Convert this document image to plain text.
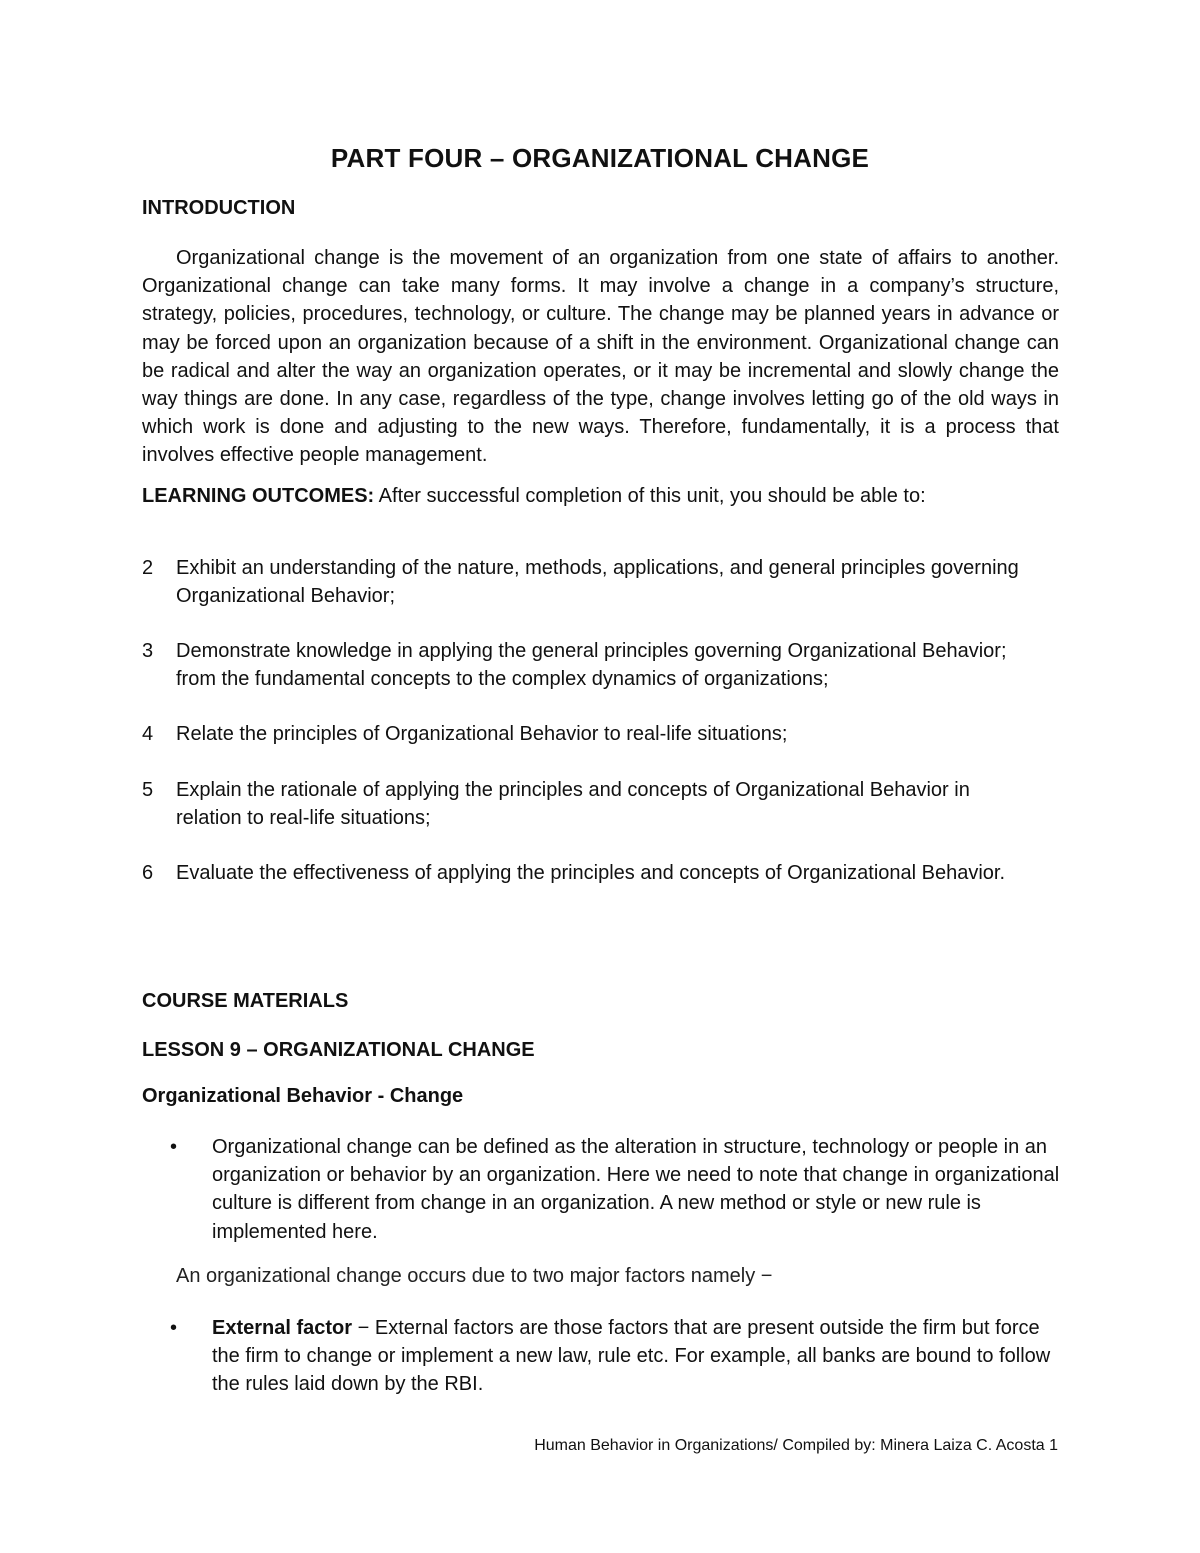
PART FOUR – ORGANIZATIONAL CHANGE
INTRODUCTION

Organizational change is the movement of an organization from one state of affairs to another. Organizational change can take many forms. It may involve a change in a company’s structure, strategy, policies, procedures, technology, or culture. The change may be planned years in advance or may be forced upon an organization because of a shift in the environment. Organizational change can be radical and alter the way an organization operates, or it may be incremental and slowly change the way things are done. In any case, regardless of the type, change involves letting go of the old ways in which work is done and adjusting to the new ways. Therefore, fundamentally, it is a process that involves effective people management.

LEARNING OUTCOMES: After successful completion of this unit, you should be able to:
2	Exhibit an understanding of the nature, methods, applications, and general principles governing Organizational Behavior;
3	Demonstrate knowledge in applying the general principles governing Organizational Behavior; from the fundamental concepts to the complex dynamics of organizations;
4	Relate the principles of Organizational Behavior to real-life situations;
5	Explain the rationale of applying the principles and concepts of Organizational Behavior in relation to real-life situations;
6	Evaluate the effectiveness of applying the principles and concepts of Organizational Behavior.
COURSE MATERIALS
LESSON 9 – ORGANIZATIONAL CHANGE
Organizational Behavior - Change
•	Organizational change can be defined as the alteration in structure, technology or people in an organization or behavior by an organization. Here we need to note that change in organizational culture is different from change in an organization. A new method or style or new rule is implemented here.
An organizational change occurs due to two major factors namely −
•	External factor − External factors are those factors that are present outside the firm but force the firm to change or implement a new law, rule etc. For example, all banks are bound to follow the rules laid down by the RBI.
Human Behavior in Organizations/ Compiled by: Minera Laiza C. Acosta 1
